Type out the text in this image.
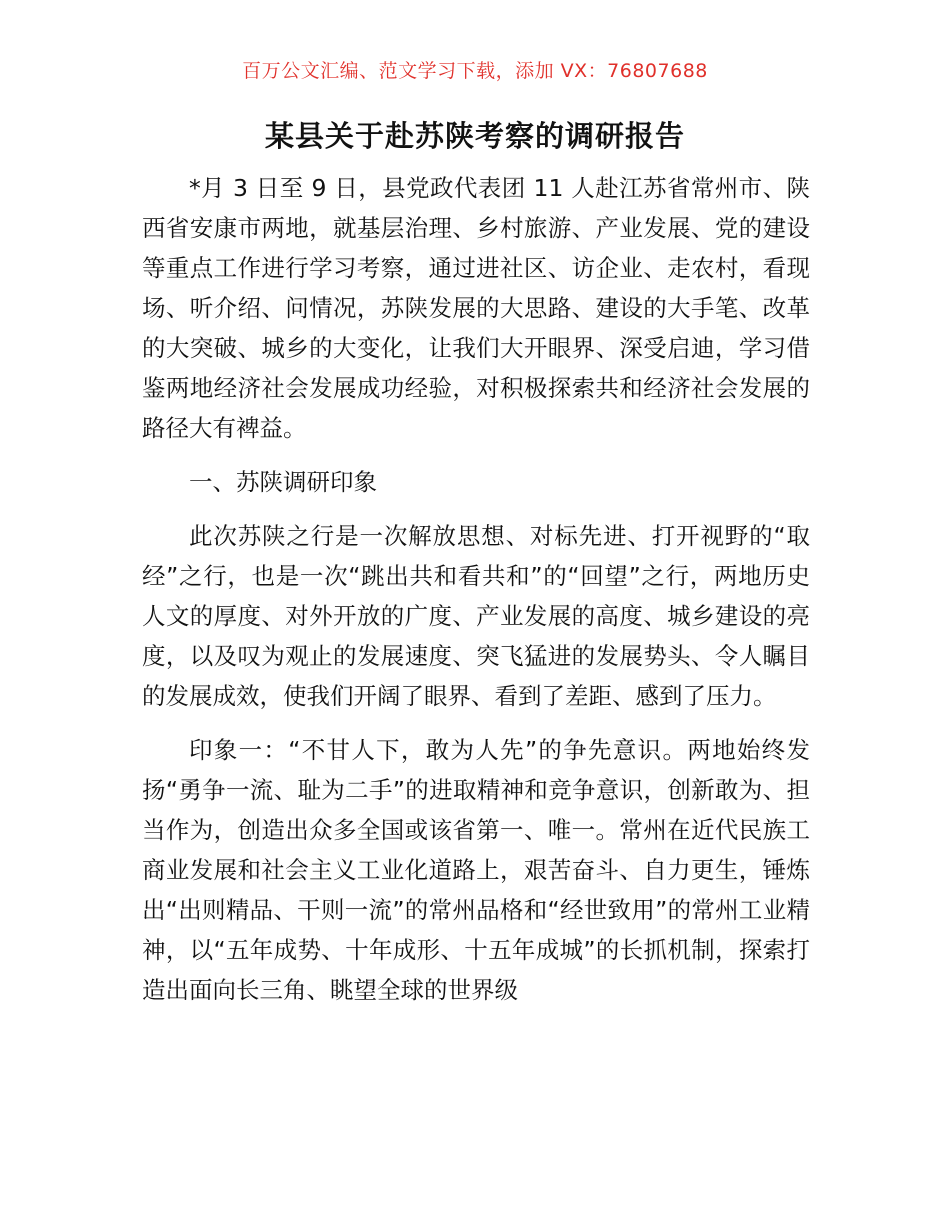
百万公文汇编、范文学习下载，添加 VX：76807688
某县关于赴苏陕考察的调研报告

*月 3 日至 9 日，县党政代表团 11 人赴江苏省常州市、陕西省安康市两地，就基层治理、乡村旅游、产业发展、党的建设等重点工作进行学习考察，通过进社区、访企业、走农村，看现场、听介绍、问情况，苏陕发展的大思路、建设的大手笔、改革的大突破、城乡的大变化，让我们大开眼界、深受启迪，学习借鉴两地经济社会发展成功经验，对积极探索共和经济社会发展的路径大有裨益。

一、苏陕调研印象

此次苏陕之行是一次解放思想、对标先进、打开视野的“取经”之行，也是一次“跳出共和看共和”的“回望”之行，两地历史人文的厚度、对外开放的广度、产业发展的高度、城乡建设的亮度，以及叹为观止的发展速度、突飞猛进的发展势头、令人瞩目的发展成效，使我们开阔了眼界、看到了差距、感到了压力。

印象一：“不甘人下，敢为人先”的争先意识。两地始终发扬“勇争一流、耻为二手”的进取精神和竞争意识，创新敢为、担当作为，创造出众多全国或该省第一、唯一。常州在近代民族工商业发展和社会主义工业化道路上，艰苦奋斗、自力更生，锤炼出“出则精品、干则一流”的常州品格和“经世致用”的常州工业精神，以“五年成势、十年成形、十五年成城”的长抓机制，探索打造出面向长三角、眺望全球的世界级
